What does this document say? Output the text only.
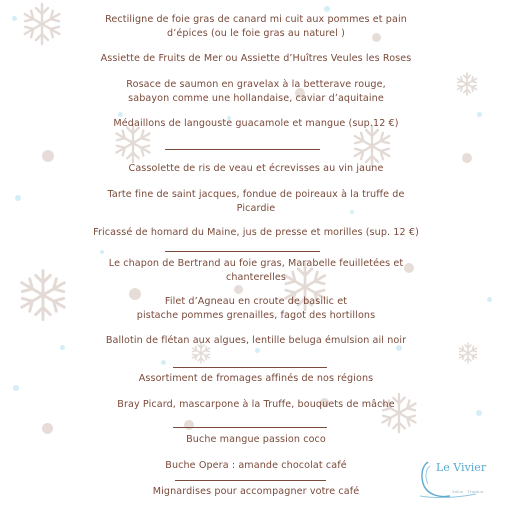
Rectiligne de foie gras de canard mi cuit aux pommes et pain
d’épices (ou le foie gras au naturel )
Assiette de Fruits de Mer ou Assiette d’Huîtres Veules les Roses
Rosace de saumon en gravelax à la betterave rouge,
sabayon comme une hollandaise, caviar d’aquitaine
Médaillons de langouste guacamole et mangue (sup.12 €)
Cassolette de ris de veau et écrevisses au vin jaune
Tarte fine de saint jacques, fondue de poireaux à la truffe de
Picardie
Fricassé de homard du Maine, jus de presse et morilles (sup. 12 €)
Le chapon de Bertrand au foie gras, Marabelle feuilletées et
chanterelles
Filet d’Agneau en croute de basilic et
pistache pommes grenailles, fagot des hortillons
Ballotin de flétan aux algues, lentille beluga émulsion ail noir
Assortiment de fromages affinés de nos régions
Bray Picard, mascarpone à la Truffe, bouquets de mâche
Buche mangue passion coco
Buche Opera : amande chocolat café
Mignardises pour accompagner votre café
Le Vivier
Salon · Traiteur
